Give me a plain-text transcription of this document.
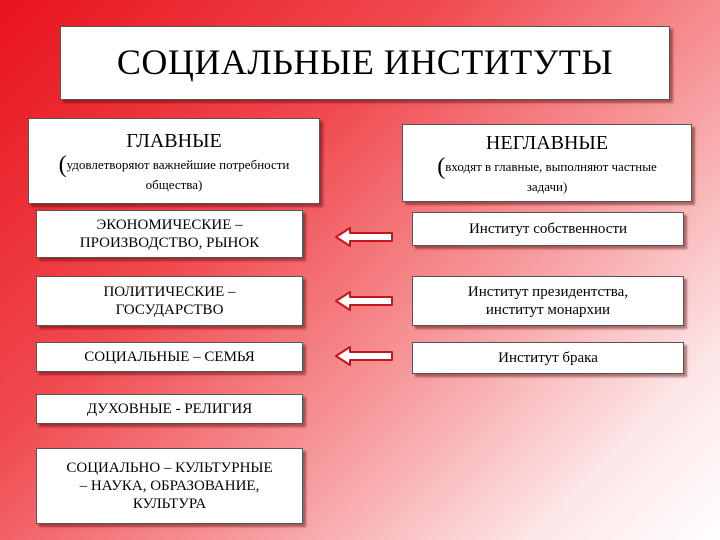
СОЦИАЛЬНЫЕ ИНСТИТУТЫ
ГЛАВНЫЕ
(удовлетворяют важнейшие потребности
общества)
НЕГЛАВНЫЕ
(входят в главные, выполняют частные
задачи)
ЭКОНОМИЧЕСКИЕ –
ПРОИЗВОДСТВО, РЫНОК
ПОЛИТИЧЕСКИЕ –
ГОСУДАРСТВО
СОЦИАЛЬНЫЕ – СЕМЬЯ
ДУХОВНЫЕ - РЕЛИГИЯ
СОЦИАЛЬНО – КУЛЬТУРНЫЕ
– НАУКА, ОБРАЗОВАНИЕ,
КУЛЬТУРА
Институт собственности
Институт президентства,
институт монархии
Институт брака
